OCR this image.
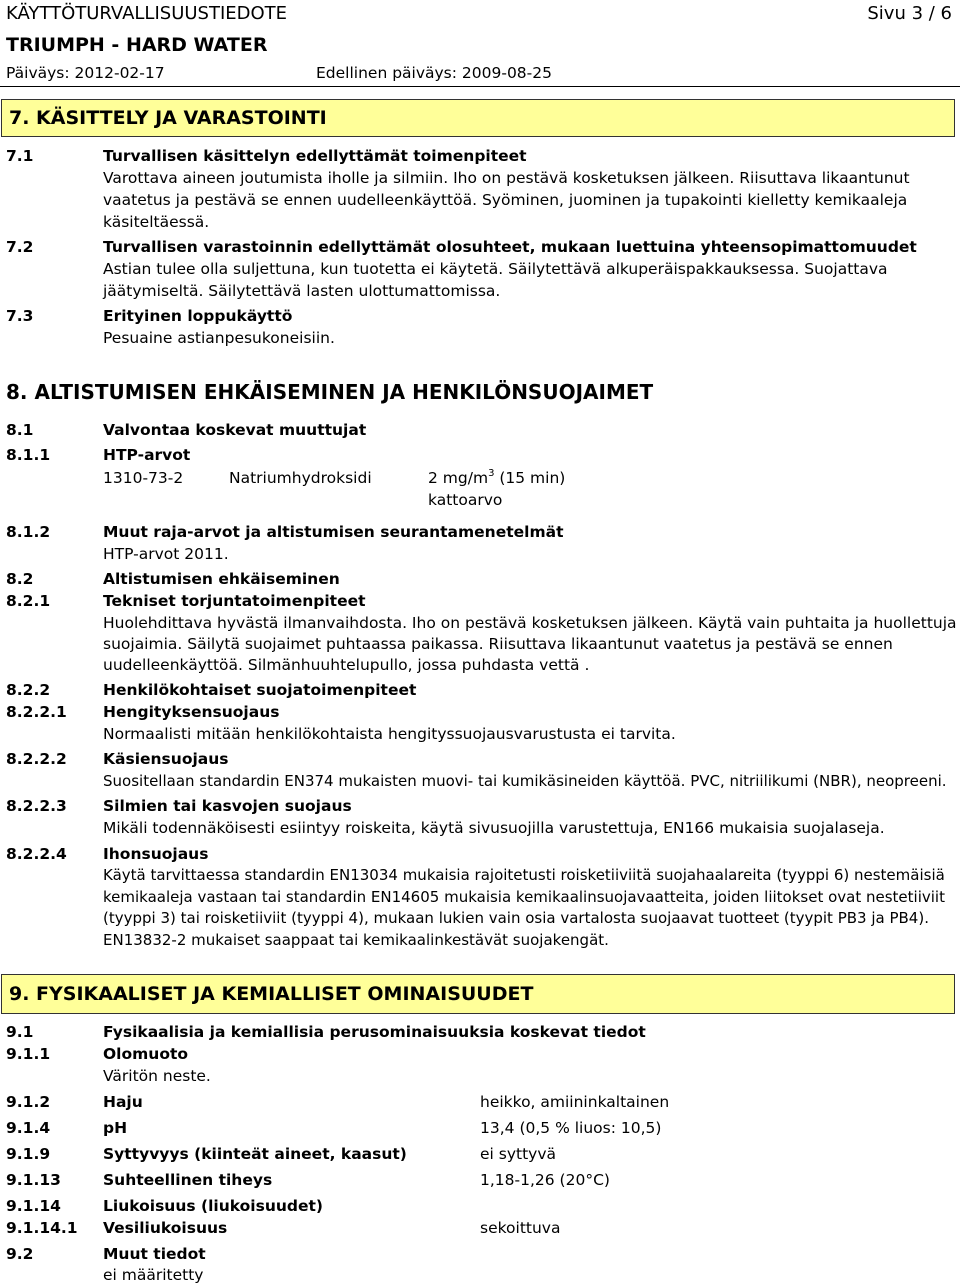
KÄYTTÖTURVALLISUUSTIEDOTE	Sivu 3 / 6
TRIUMPH - HARD WATER
Päiväys: 2012-02-17	Edellinen päiväys: 2009-08-25
7. KÄSITTELY JA VARASTOINTI
7.1	Turvallisen käsittelyn edellyttämät toimenpiteet
Varottava aineen joutumista iholle ja silmiin. Iho on pestävä kosketuksen jälkeen. Riisuttava likaantunut
vaatetus ja pestävä se ennen uudelleenkäyttöä. Syöminen, juominen ja tupakointi kielletty kemikaaleja
käsiteltäessä.
7.2	Turvallisen varastoinnin edellyttämät olosuhteet, mukaan luettuina yhteensopimattomuudet
Astian tulee olla suljettuna, kun tuotetta ei käytetä. Säilytettävä alkuperäispakkauksessa. Suojattava
jäätymiseltä. Säilytettävä lasten ulottumattomissa.
7.3	Erityinen loppukäyttö
Pesuaine astianpesukoneisiin.
8. ALTISTUMISEN EHKÄISEMINEN JA HENKILÖNSUOJAIMET
8.1	Valvontaa koskevat muuttujat
8.1.1	HTP-arvot
1310-73-2	Natriumhydroksidi	2 $mg/m^3$ (15 min)
kattoarvo
8.1.2	Muut raja-arvot ja altistumisen seurantamenetelmät
HTP-arvot 2011.
8.2	Altistumisen ehkäiseminen
8.2.1	Tekniset torjuntatoimenpiteet
Huolehdittava hyvästä ilmanvaihdosta. Iho on pestävä kosketuksen jälkeen. Käytä vain puhtaita ja huollettuja
suojaimia. Säilytä suojaimet puhtaassa paikassa. Riisuttava likaantunut vaatetus ja pestävä se ennen
uudelleenkäyttöä. Silmänhuuhtelupullo, jossa puhdasta vettä .
8.2.2	Henkilökohtaiset suojatoimenpiteet
8.2.2.1 Hengityksensuojaus
Normaalisti mitään henkilökohtaista hengityssuojausvarustusta ei tarvita.
8.2.2.2 Käsiensuojaus
Suositellaan standardin EN374 mukaisten muovi- tai kumikäsineiden käyttöä. PVC, nitriilikumi (NBR), neopreeni.
8.2.2.3 Silmien tai kasvojen suojaus
Mikäli todennäköisesti esiintyy roiskeita, käytä sivusuojilla varustettuja, EN166 mukaisia suojalaseja.
8.2.2.4 Ihonsuojaus
Käytä tarvittaessa standardin EN13034 mukaisia rajoitetusti roisketiiviitä suojahaalareita (tyyppi 6) nestemäisiä
kemikaaleja vastaan tai standardin EN14605 mukaisia kemikaalinsuojavaatteita, joiden liitokset ovat nestetiiviit
(tyyppi 3) tai roisketiiviit (tyyppi 4), mukaan lukien vain osia vartalosta suojaavat tuotteet (tyypit PB3 ja PB4).
EN13832-2 mukaiset saappaat tai kemikaalinkestävät suojakengät.
9. FYSIKAALISET JA KEMIALLISET OMINAISUUDET
9.1	Fysikaalisia ja kemiallisia perusominaisuuksia koskevat tiedot
9.1.1	Olomuoto
Väritön neste.
9.1.2	Haju	heikko, amiininkaltainen
9.1.4	pH	13,4 (0,5 % liuos: 10,5)
9.1.9	Syttyvyys (kiinteät aineet, kaasut)	ei syttyvä
9.1.13	Suhteellinen tiheys	1,18-1,26 (20°C)
9.1.14	Liukoisuus (liukoisuudet)
9.1.14.1 Vesiliukoisuus	sekoittuva
9.2	Muut tiedot
ei määritetty
